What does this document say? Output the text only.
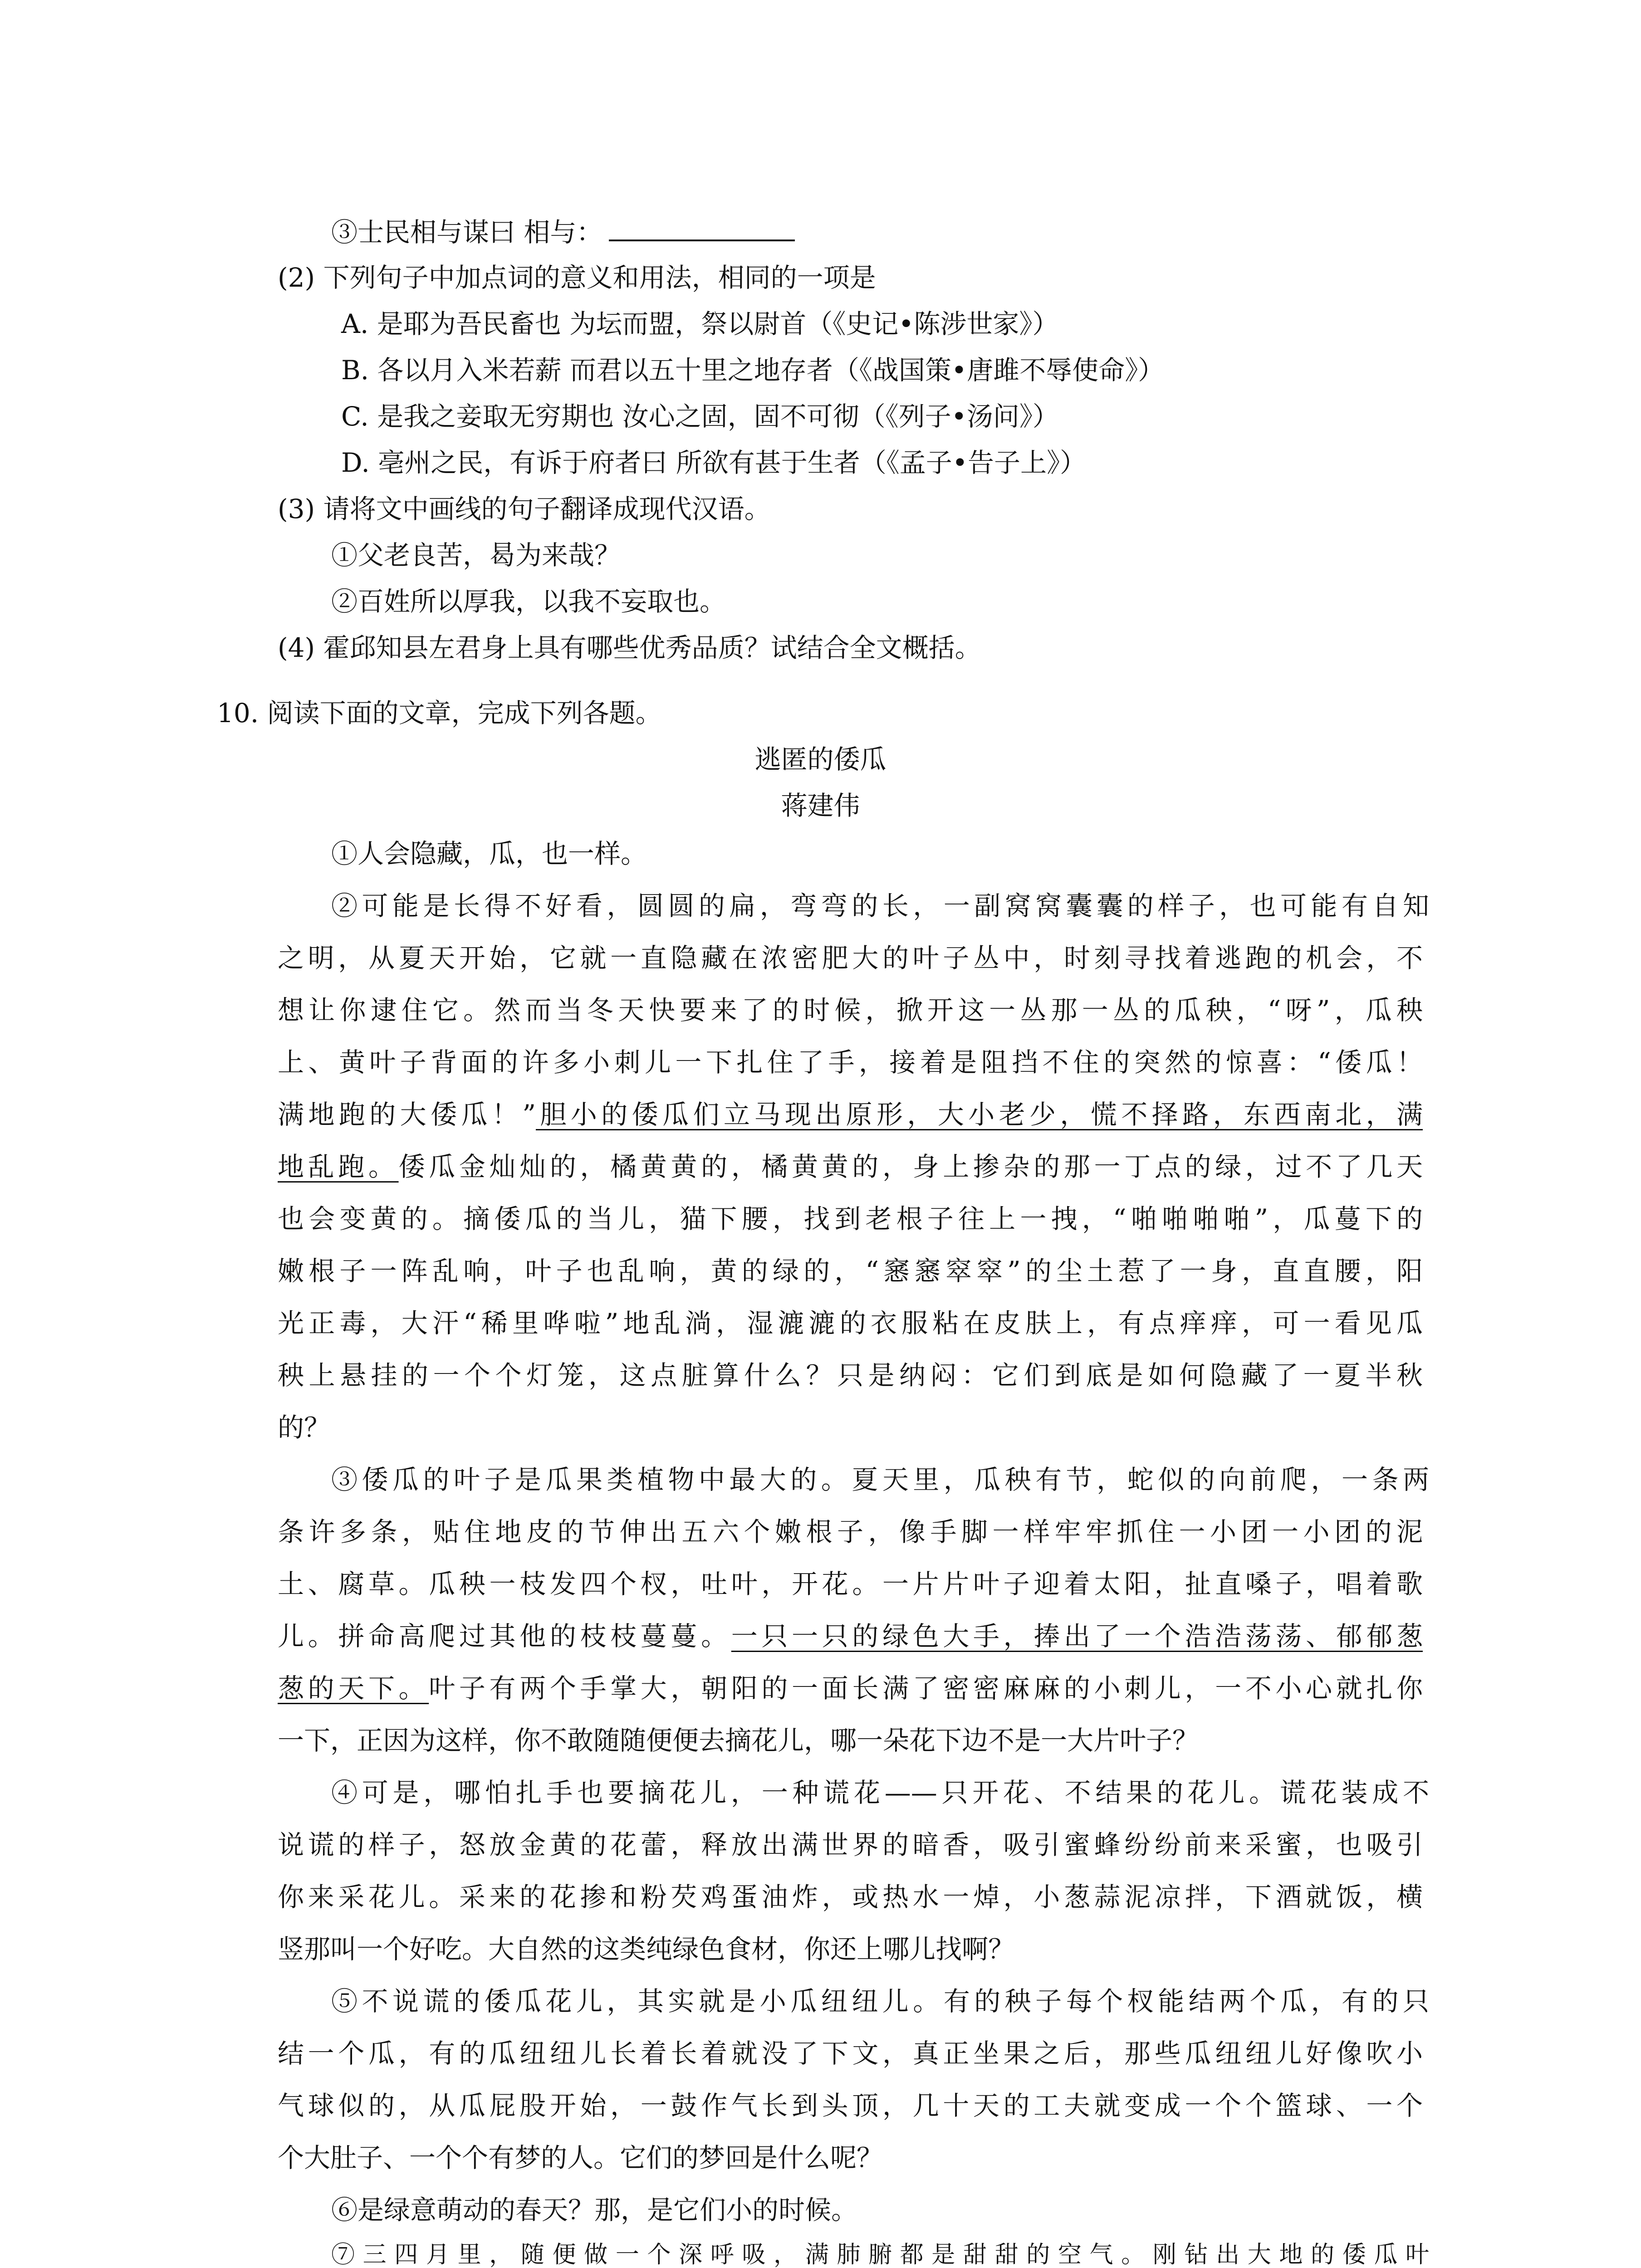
③士民相与谋曰 相与：
(2) 下列句子中加点词的意义和用法，相同的一项是
A. 是耶为吾民畜也 为坛而盟，祭以尉首（《史记•陈涉世家》）
B. 各以月入米若薪 而君以五十里之地存者（《战国策•唐雎不辱使命》）
C. 是我之妾取无穷期也 汝心之固，固不可彻（《列子•汤问》）
D. 亳州之民，有诉于府者曰 所欲有甚于生者（《孟子•告子上》）
(3) 请将文中画线的句子翻译成现代汉语。
①父老良苦，曷为来哉？
②百姓所以厚我，以我不妄取也。
(4) 霍邱知县左君身上具有哪些优秀品质？试结合全文概括。
10. 阅读下面的文章，完成下列各题。
逃匿的倭瓜
蒋建伟
①人会隐藏，瓜，也一样。
②可能是长得不好看，圆圆的扁，弯弯的长，一副窝窝囊囊的样子，也可能有自知
之明，从夏天开始，它就一直隐藏在浓密肥大的叶子丛中，时刻寻找着逃跑的机会，不
想让你逮住它。然而当冬天快要来了的时候，掀开这一丛那一丛的瓜秧，“呀”，瓜秧
上、黄叶子背面的许多小刺儿一下扎住了手，接着是阻挡不住的突然的惊喜：“倭瓜！
满地跑的大倭瓜！”胆小的倭瓜们立马现出原形，大小老少，慌不择路，东西南北，满
地乱跑。倭瓜金灿灿的，橘黄黄的，橘黄黄的，身上掺杂的那一丁点的绿，过不了几天
也会变黄的。摘倭瓜的当儿，猫下腰，找到老根子往上一拽，“啪啪啪啪”，瓜蔓下的
嫩根子一阵乱响，叶子也乱响，黄的绿的，“窸窸窣窣”的尘土惹了一身，直直腰，阳
光正毒，大汗“稀里哗啦”地乱淌，湿漉漉的衣服粘在皮肤上，有点痒痒，可一看见瓜
秧上悬挂的一个个灯笼，这点脏算什么？只是纳闷：它们到底是如何隐藏了一夏半秋
的？
③倭瓜的叶子是瓜果类植物中最大的。夏天里，瓜秧有节，蛇似的向前爬，一条两
条许多条，贴住地皮的节伸出五六个嫩根子，像手脚一样牢牢抓住一小团一小团的泥
土、腐草。瓜秧一枝发四个杈，吐叶，开花。一片片叶子迎着太阳，扯直嗓子，唱着歌
儿。拼命高爬过其他的枝枝蔓蔓。一只一只的绿色大手，捧出了一个浩浩荡荡、郁郁葱
葱的天下。叶子有两个手掌大，朝阳的一面长满了密密麻麻的小刺儿，一不小心就扎你
一下，正因为这样，你不敢随随便便去摘花儿，哪一朵花下边不是一大片叶子？
④可是，哪怕扎手也要摘花儿，一种谎花——只开花、不结果的花儿。谎花装成不
说谎的样子，怒放金黄的花蕾，释放出满世界的暗香，吸引蜜蜂纷纷前来采蜜，也吸引
你来采花儿。采来的花掺和粉芡鸡蛋油炸，或热水一焯，小葱蒜泥凉拌，下酒就饭，横
竖那叫一个好吃。大自然的这类纯绿色食材，你还上哪儿找啊？
⑤不说谎的倭瓜花儿，其实就是小瓜纽纽儿。有的秧子每个杈能结两个瓜，有的只
结一个瓜，有的瓜纽纽儿长着长着就没了下文，真正坐果之后，那些瓜纽纽儿好像吹小
气球似的，从瓜屁股开始，一鼓作气长到头顶，几十天的工夫就变成一个个篮球、一个
个大肚子、一个个有梦的人。它们的梦回是什么呢？
⑥是绿意萌动的春天？那，是它们小的时候。
⑦三四月里，随便做一个深呼吸，满肺腑都是甜甜的空气。刚钻出大地的倭瓜叶
